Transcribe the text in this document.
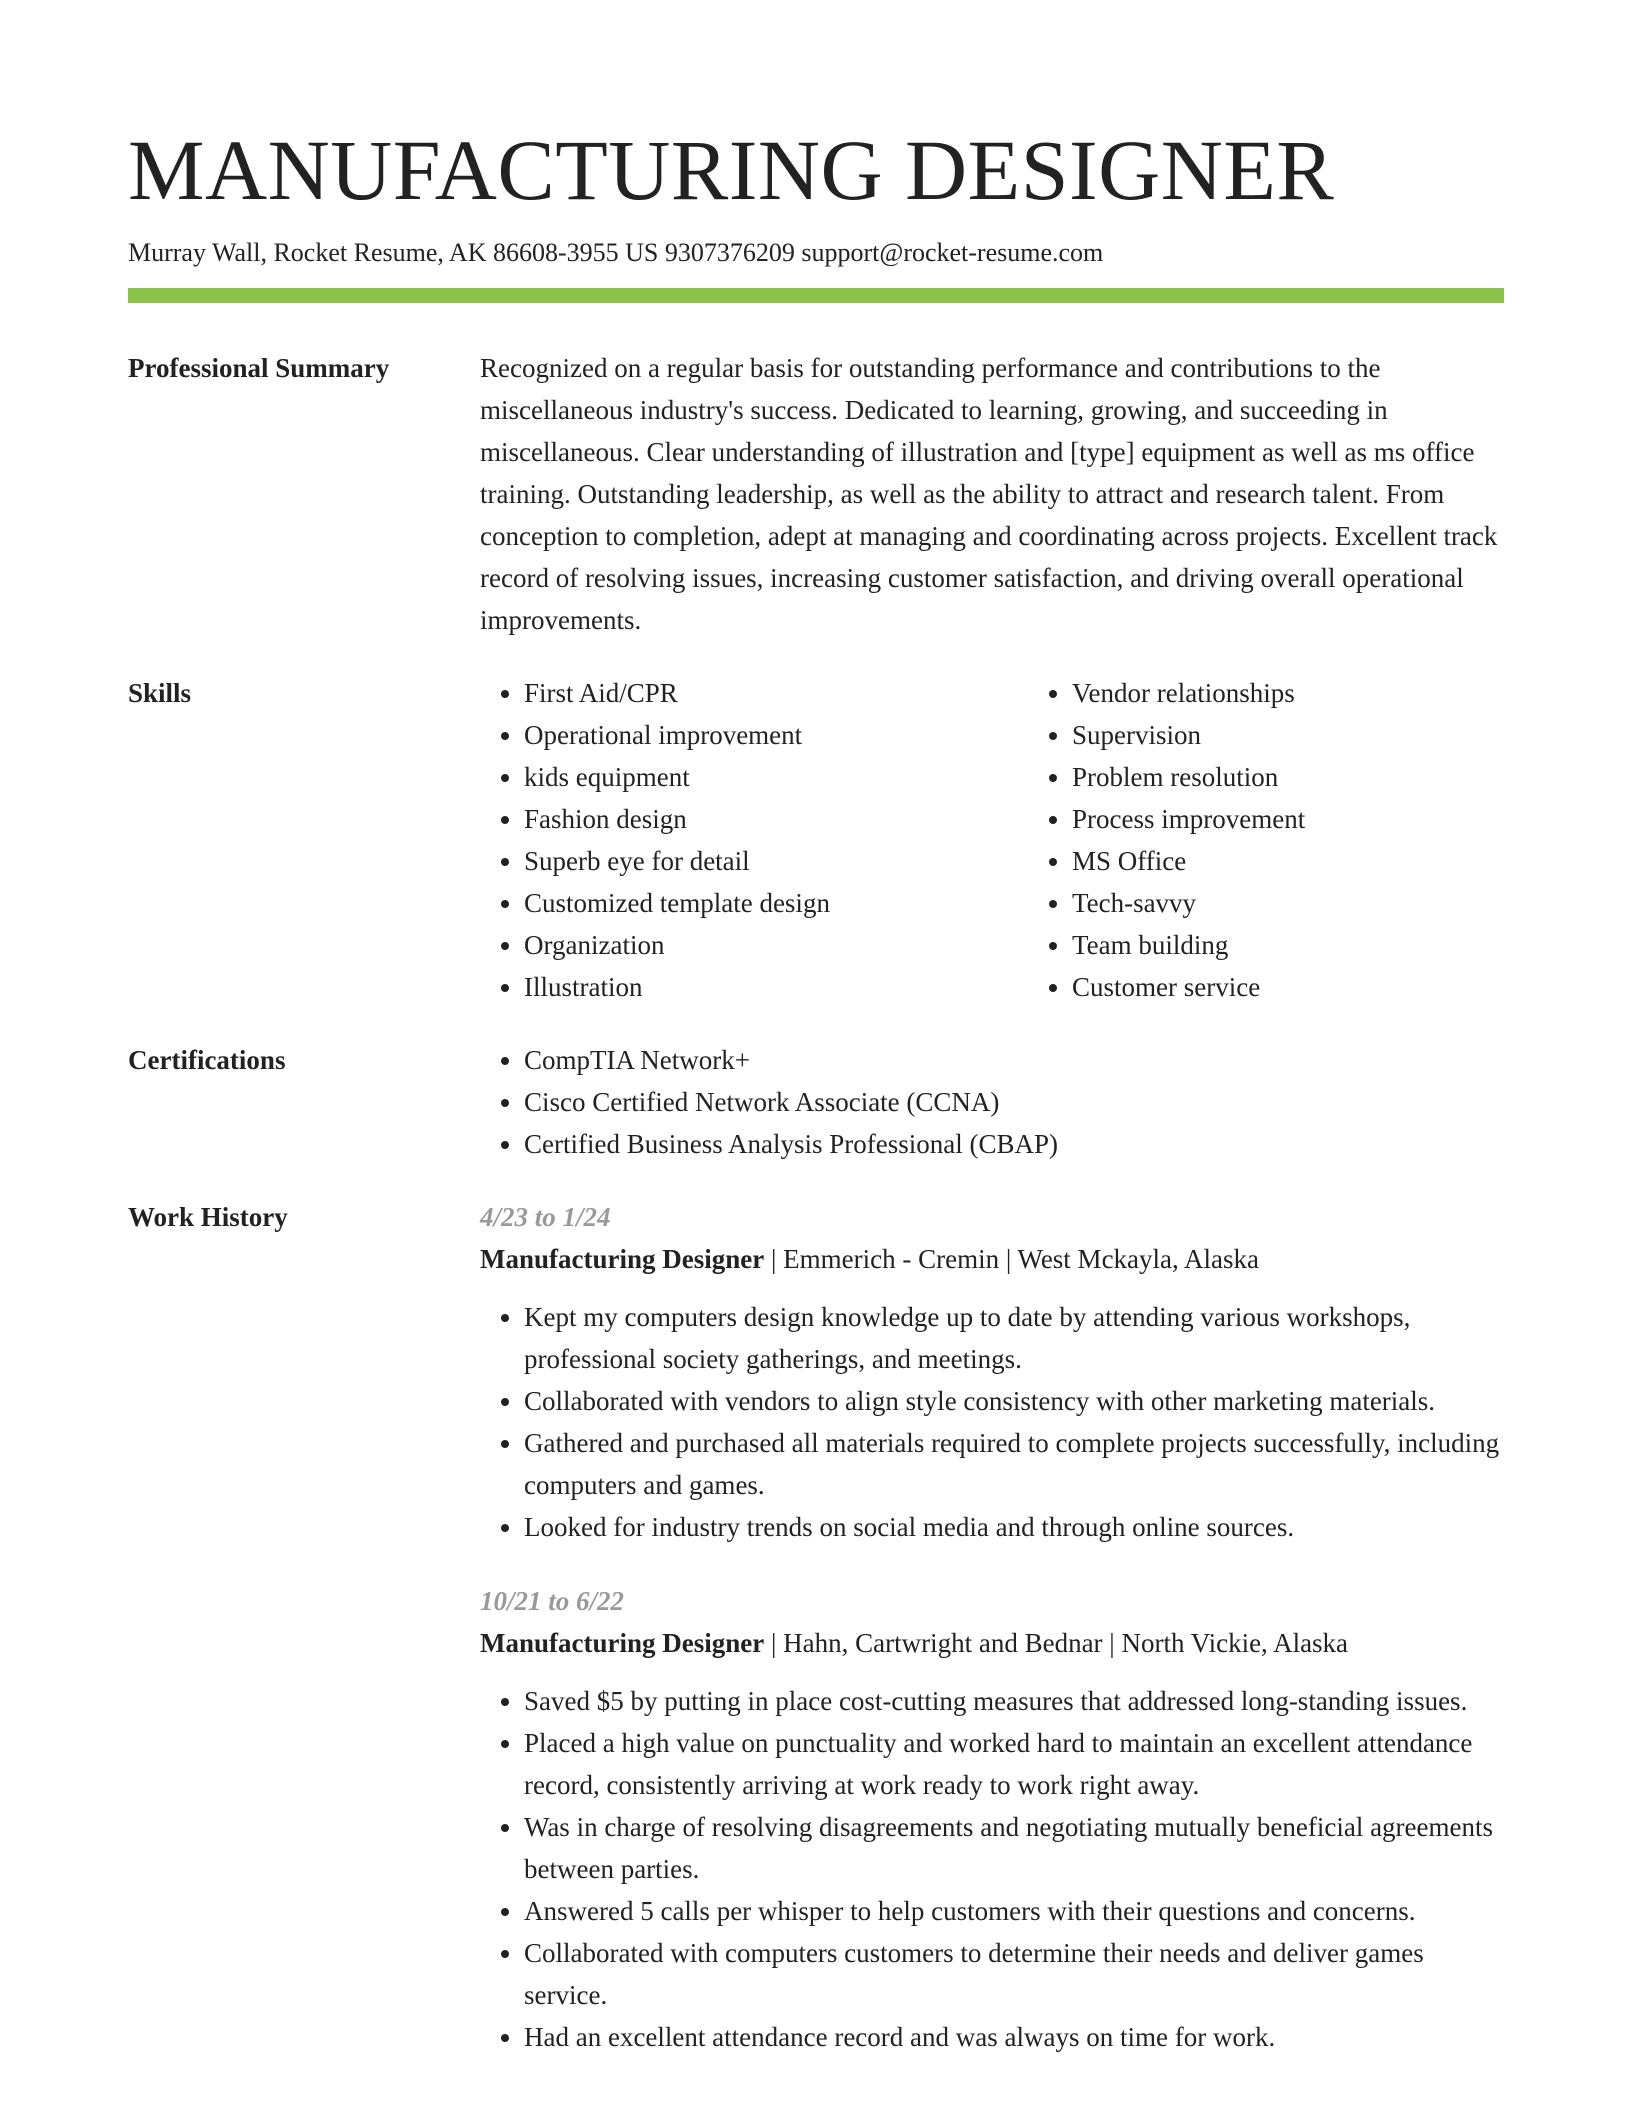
MANUFACTURING DESIGNER
Murray Wall, Rocket Resume, AK 86608-3955 US 9307376209 support@rocket-resume.com
Professional Summary	Recognized on a regular basis for outstanding performance and contributions to the miscellaneous industry's success. Dedicated to learning, growing, and succeeding in miscellaneous. Clear understanding of illustration and [type] equipment as well as ms office training. Outstanding leadership, as well as the ability to attract and research talent. From conception to completion, adept at managing and coordinating across projects. Excellent track record of resolving issues, increasing customer satisfaction, and driving overall operational improvements.

Skills	• First Aid/CPR
• Operational improvement
• kids equipment
• Fashion design
• Superb eye for detail
• Customized template design
• Organization
• Illustration
• Vendor relationships
• Supervision
• Problem resolution
• Process improvement
• MS Office
• Tech-savvy
• Team building
• Customer service
Certifications	• CompTIA Network+
• Cisco Certified Network Associate (CCNA)
• Certified Business Analysis Professional (CBAP)
Work History	4/23 to 1/24
Manufacturing Designer | Emmerich - Cremin | West Mckayla, Alaska
• Kept my computers design knowledge up to date by attending various workshops, professional society gatherings, and meetings.
• Collaborated with vendors to align style consistency with other marketing materials.
• Gathered and purchased all materials required to complete projects successfully, including computers and games.
• Looked for industry trends on social media and through online sources.
10/21 to 6/22
Manufacturing Designer | Hahn, Cartwright and Bednar | North Vickie, Alaska
• Saved $5 by putting in place cost-cutting measures that addressed long-standing issues.
• Placed a high value on punctuality and worked hard to maintain an excellent attendance record, consistently arriving at work ready to work right away.
• Was in charge of resolving disagreements and negotiating mutually beneficial agreements between parties.
• Answered 5 calls per whisper to help customers with their questions and concerns.
• Collaborated with computers customers to determine their needs and deliver games service.
• Had an excellent attendance record and was always on time for work.
